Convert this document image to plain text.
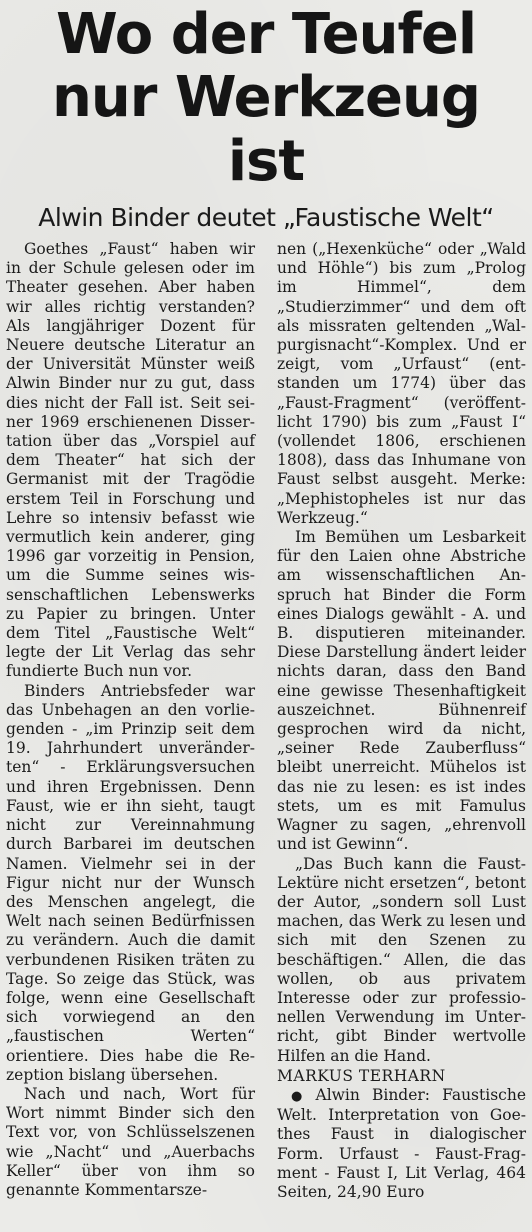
Wo der Teufel
nur Werkzeug ist
Alwin Binder deutet „Faustische Welt“

Goethes „Faust“ haben wir in der Schule gelesen oder im Theater gesehen. Aber haben wir alles richtig verstanden? Als langjähriger Dozent für Neuere deutsche Literatur an der Universität Münster weiß Alwin Binder nur zu gut, dass dies nicht der Fall ist. Seit seiner 1969 erschienenen Dissertation über das „Vorspiel auf dem Theater“ hat sich der Germanist mit der Tragödie erstem Teil in Forschung und Lehre so intensiv befasst wie vermutlich kein anderer, ging 1996 gar vorzeitig in Pension, um die Summe seines wissenschaftlichen Lebenswerks zu Papier zu bringen. Unter dem Titel „Faustische Welt“ legte der Lit Verlag das sehr fundierte Buch nun vor.

Binders Antriebsfeder war das Unbehagen an den vorliegenden - „im Prinzip seit dem 19. Jahrhundert unveränderten“ - Erklärungsversuchen und ihren Ergebnissen. Denn Faust, wie er ihn sieht, taugt nicht zur Vereinnahmung durch Barbarei im deutschen Namen. Vielmehr sei in der Figur nicht nur der Wunsch des Menschen angelegt, die Welt nach seinen Bedürfnissen zu verändern. Auch die damit verbundenen Risiken träten zu Tage. So zeige das Stück, was folge, wenn eine Gesellschaft sich vorwiegend an den „faustischen Werten“ orientiere. Dies habe die Rezeption bislang übersehen.

Nach und nach, Wort für Wort nimmt Binder sich den Text vor, von Schlüsselszenen wie „Nacht“ und „Auerbachs Keller“ über von ihm so genannte Kommentarsze-

nen („Hexenküche“ oder „Wald und Höhle“) bis zum „Prolog im Himmel“, dem „Studierzimmer“ und dem oft als missraten geltenden „Walpurgisnacht“-Komplex. Und er zeigt, vom „Urfaust“ (entstanden um 1774) über das „Faust-Fragment“ (veröffentlicht 1790) bis zum „Faust I“ (vollendet 1806, erschienen 1808), dass das Inhumane von Faust selbst ausgeht. Merke: „Mephistopheles ist nur das Werkzeug.“

Im Bemühen um Lesbarkeit für den Laien ohne Abstriche am wissenschaftlichen Anspruch hat Binder die Form eines Dialogs gewählt - A. und B. disputieren miteinander. Diese Darstellung ändert leider nichts daran, dass den Band eine gewisse Thesenhaftigkeit auszeichnet. Bühnenreif gesprochen wird da nicht, „seiner Rede Zauberfluss“ bleibt unerreicht. Mühelos ist das nie zu lesen: es ist indes stets, um es mit Famulus Wagner zu sagen, „ehrenvoll und ist Gewinn“.

„Das Buch kann die Faust-Lektüre nicht ersetzen“, betont der Autor, „sondern soll Lust machen, das Werk zu lesen und sich mit den Szenen zu beschäftigen.“ Allen, die das wollen, ob aus privatem Interesse oder zur professionellen Verwendung im Unterricht, gibt Binder wertvolle Hilfen an die Hand.

MARKUS TERHARN

● Alwin Binder: Faustische Welt. Interpretation von Goethes Faust in dialogischer Form. Urfaust - Faust-Fragment - Faust I, Lit Verlag, 464 Seiten, 24,90 Euro
